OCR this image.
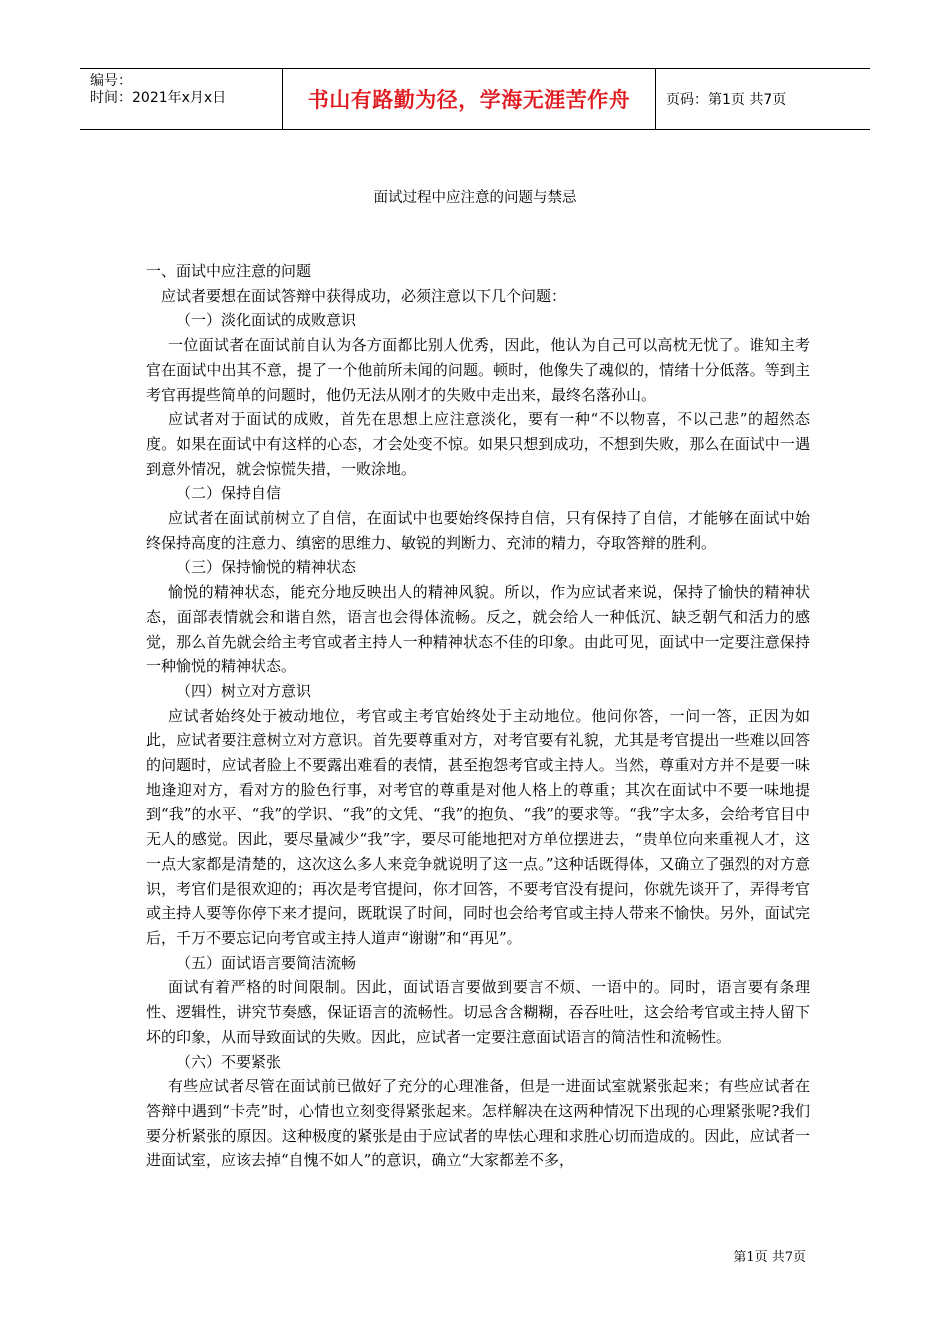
编号：
时间：2021年x月x日	书山有路勤为径，学海无涯苦作舟	页码：第1页 共7页
面试过程中应注意的问题与禁忌

一、面试中应注意的问题

应试者要想在面试答辩中获得成功，必须注意以下几个问题：

（一）淡化面试的成败意识

一位面试者在面试前自认为各方面都比别人优秀，因此，他认为自己可以高枕无忧了。谁知主考官在面试中出其不意，提了一个他前所未闻的问题。顿时，他像失了魂似的，情绪十分低落。等到主考官再提些简单的问题时，他仍无法从刚才的失败中走出来，最终名落孙山。

应试者对于面试的成败，首先在思想上应注意淡化，要有一种“不以物喜，不以己悲”的超然态度。如果在面试中有这样的心态，才会处变不惊。如果只想到成功，不想到失败，那么在面试中一遇到意外情况，就会惊慌失措，一败涂地。

（二）保持自信

应试者在面试前树立了自信，在面试中也要始终保持自信，只有保持了自信，才能够在面试中始终保持高度的注意力、缜密的思维力、敏锐的判断力、充沛的精力，夺取答辩的胜利。

（三）保持愉悦的精神状态

愉悦的精神状态，能充分地反映出人的精神风貌。所以，作为应试者来说，保持了愉快的精神状态，面部表情就会和谐自然，语言也会得体流畅。反之，就会给人一种低沉、缺乏朝气和活力的感觉，那么首先就会给主考官或者主持人一种精神状态不佳的印象。由此可见，面试中一定要注意保持一种愉悦的精神状态。

（四）树立对方意识

应试者始终处于被动地位，考官或主考官始终处于主动地位。他问你答，一问一答，正因为如此，应试者要注意树立对方意识。首先要尊重对方，对考官要有礼貌，尤其是考官提出一些难以回答的问题时，应试者脸上不要露出难看的表情，甚至抱怨考官或主持人。当然，尊重对方并不是要一味地逢迎对方，看对方的脸色行事，对考官的尊重是对他人格上的尊重；其次在面试中不要一味地提到“我”的水平、“我”的学识、“我”的文凭、“我”的抱负、“我”的要求等。“我”字太多，会给考官目中无人的感觉。因此，要尽量减少“我”字，要尽可能地把对方单位摆进去，“贵单位向来重视人才，这一点大家都是清楚的，这次这么多人来竞争就说明了这一点。”这种话既得体，又确立了强烈的对方意识，考官们是很欢迎的；再次是考官提问，你才回答，不要考官没有提问，你就先谈开了，弄得考官或主持人要等你停下来才提问，既耽误了时间，同时也会给考官或主持人带来不愉快。另外，面试完后，千万不要忘记向考官或主持人道声“谢谢”和“再见”。

（五）面试语言要简洁流畅

面试有着严格的时间限制。因此，面试语言要做到要言不烦、一语中的。同时，语言要有条理性、逻辑性，讲究节奏感，保证语言的流畅性。切忌含含糊糊，吞吞吐吐，这会给考官或主持人留下坏的印象，从而导致面试的失败。因此，应试者一定要注意面试语言的简洁性和流畅性。

（六）不要紧张

有些应试者尽管在面试前已做好了充分的心理准备，但是一进面试室就紧张起来；有些应试者在答辩中遇到“卡壳”时，心情也立刻变得紧张起来。怎样解决在这两种情况下出现的心理紧张呢?我们要分析紧张的原因。这种极度的紧张是由于应试者的卑怯心理和求胜心切而造成的。因此，应试者一进面试室，应该去掉“自愧不如人”的意识，确立“大家都差不多，

第1页 共7页
